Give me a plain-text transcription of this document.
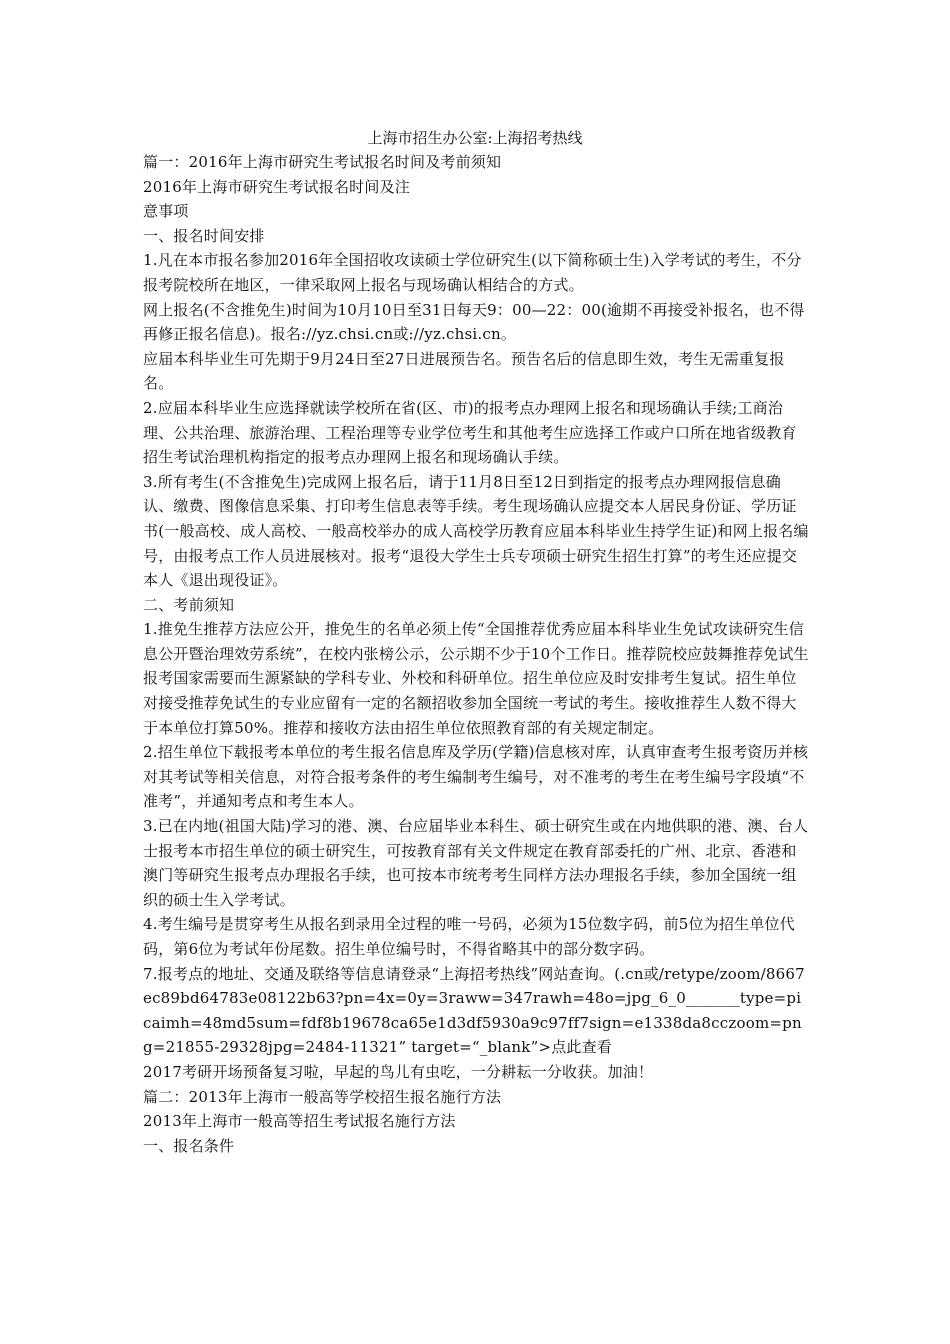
上海市招生办公室:上海招考热线

篇一：2016年上海市研究生考试报名时间及考前须知

2016年上海市研究生考试报名时间及注

意事项

一、报名时间安排

1.凡在本市报名参加2016年全国招收攻读硕士学位研究生(以下简称硕士生)入学考试的考生，不分报考院校所在地区，一律采取网上报名与现场确认相结合的方式。

网上报名(不含推免生)时间为10月10日至31日每天9：00—22：00(逾期不再接受补报名，也不得再修正报名信息)。报名://yz.chsi.cn或://yz.chsi.cn。

应届本科毕业生可先期于9月24日至27日进展预告名。预告名后的信息即生效，考生无需重复报名。

2.应届本科毕业生应选择就读学校所在省(区、市)的报考点办理网上报名和现场确认手续;工商治理、公共治理、旅游治理、工程治理等专业学位考生和其他考生应选择工作或户口所在地省级教育招生考试治理机构指定的报考点办理网上报名和现场确认手续。

3.所有考生(不含推免生)完成网上报名后，请于11月8日至12日到指定的报考点办理网报信息确认、缴费、图像信息采集、打印考生信息表等手续。考生现场确认应提交本人居民身份证、学历证书(一般高校、成人高校、一般高校举办的成人高校学历教育应届本科毕业生持学生证)和网上报名编号，由报考点工作人员进展核对。报考“退役大学生士兵专项硕士研究生招生打算”的考生还应提交本人《退出现役证》。

二、考前须知

1.推免生推荐方法应公开，推免生的名单必须上传“全国推荐优秀应届本科毕业生免试攻读研究生信息公开暨治理效劳系统”，在校内张榜公示，公示期不少于10个工作日。推荐院校应鼓舞推荐免试生报考国家需要而生源紧缺的学科专业、外校和科研单位。招生单位应及时安排考生复试。招生单位对接受推荐免试生的专业应留有一定的名额招收参加全国统一考试的考生。接收推荐生人数不得大于本单位打算50%。推荐和接收方法由招生单位依照教育部的有关规定制定。

2.招生单位下载报考本单位的考生报名信息库及学历(学籍)信息核对库，认真审查考生报考资历并核对其考试等相关信息，对符合报考条件的考生编制考生编号，对不准考的考生在考生编号字段填“不准考”，并通知考点和考生本人。

3.已在内地(祖国大陆)学习的港、澳、台应届毕业本科生、硕士研究生或在内地供职的港、澳、台人士报考本市招生单位的硕士研究生，可按教育部有关文件规定在教育部委托的广州、北京、香港和澳门等研究生报考点办理报名手续，也可按本市统考考生同样方法办理报名手续，参加全国统一组织的硕士生入学考试。

4.考生编号是贯穿考生从报名到录用全过程的唯一号码，必须为15位数字码，前5位为招生单位代码，第6位为考试年份尾数。招生单位编号时，不得省略其中的部分数字码。

7.报考点的地址、交通及联络等信息请登录“上海招考热线”网站查询。(.cn或/retype/zoom/8667ec89bd64783e08122b63?pn=4x=0y=3raww=347rawh=48o=jpg_6_0_______type=picaimh=48md5sum=fdf8b19678ca65e1d3df5930a9c97ff7sign=e1338da8cczoom=png=21855-29328jpg=2484-11321” target=“_blank”>点此查看

2017考研开场预备复习啦，早起的鸟儿有虫吃，一分耕耘一分收获。加油！

篇二：2013年上海市一般高等学校招生报名施行方法

2013年上海市一般高等招生考试报名施行方法

一、报名条件
